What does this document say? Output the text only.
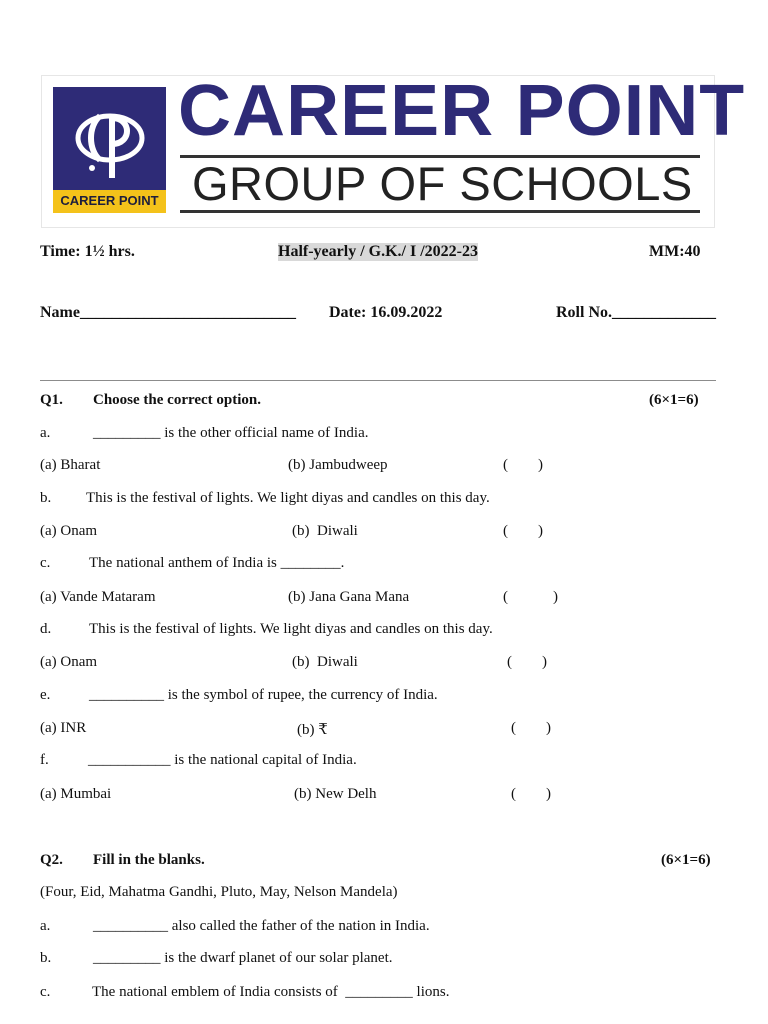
CAREER POINT
CAREER POINT
GROUP OF SCHOOLS
Time: 1½ hrs.	Half-yearly / G.K./ I /2022-23	MM:40
Name___________________________ Date: 16.09.2022	Roll No._____________
Q1. Choose the correct option.	(6×1=6)
a.	_________ is the other official name of India.
(a) Bharat	(b) Jambudweep	(        )
b. This is the festival of lights. We light diyas and candles on this day.
(a) Onam	(b)  Diwali	(        )
c.	The national anthem of India is ________.
(a) Vande Mataram	(b) Jana Gana Mana	(            )
d.	This is the festival of lights. We light diyas and candles on this day.
(a) Onam	(b)  Diwali	(        )
e.	__________ is the symbol of rupee, the currency of India.
(a) INR	(b) ₹	(        )
f.	___________ is the national capital of India.
(a) Mumbai	(b) New Delh	(        )
Q2. Fill in the blanks.	(6×1=6)
(Four, Eid, Mahatma Gandhi, Pluto, May, Nelson Mandela)
a.	__________ also called the father of the nation in India.
b.	_________ is the dwarf planet of our solar planet.
c.	The national emblem of India consists of  _________ lions.
